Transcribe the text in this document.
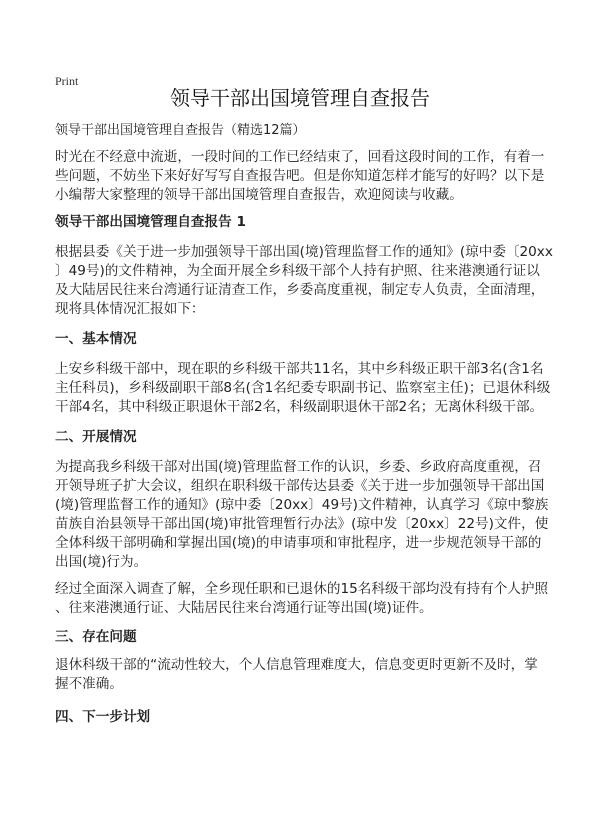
Print
领导干部出国境管理自查报告
领导干部出国境管理自查报告（精选12篇）
时光在不经意中流逝，一段时间的工作已经结束了，回看这段时间的工作，有着一
些问题，不妨坐下来好好写写自查报告吧。但是你知道怎样才能写的好吗？以下是
小编帮大家整理的领导干部出国境管理自查报告，欢迎阅读与收藏。
领导干部出国境管理自查报告 1
根据县委《关于进一步加强领导干部出国(境)管理监督工作的通知》(琼中委〔20xx
〕49号)的文件精神，为全面开展全乡科级干部个人持有护照、往来港澳通行证以
及大陆居民往来台湾通行证清查工作，乡委高度重视，制定专人负责，全面清理，
现将具体情况汇报如下：
一、基本情况
上安乡科级干部中，现在职的乡科级干部共11名，其中乡科级正职干部3名(含1名
主任科员)，乡科级副职干部8名(含1名纪委专职副书记、监察室主任)；已退休科级
干部4名，其中科级正职退休干部2名，科级副职退休干部2名；无离休科级干部。
二、开展情况
为提高我乡科级干部对出国(境)管理监督工作的认识，乡委、乡政府高度重视，召
开领导班子扩大会议，组织在职科级干部传达县委《关于进一步加强领导干部出国
(境)管理监督工作的通知》(琼中委〔20xx〕49号)文件精神，认真学习《琼中黎族
苗族自治县领导干部出国(境)审批管理暂行办法》(琼中发〔20xx〕22号)文件，使
全体科级干部明确和掌握出国(境)的申请事项和审批程序，进一步规范领导干部的
出国(境)行为。
经过全面深入调查了解，全乡现任职和已退休的15名科级干部均没有持有个人护照
、往来港澳通行证、大陆居民往来台湾通行证等出国(境)证件。
三、存在问题
退休科级干部的“流动性较大，个人信息管理难度大，信息变更时更新不及时，掌
握不准确。
四、下一步计划
